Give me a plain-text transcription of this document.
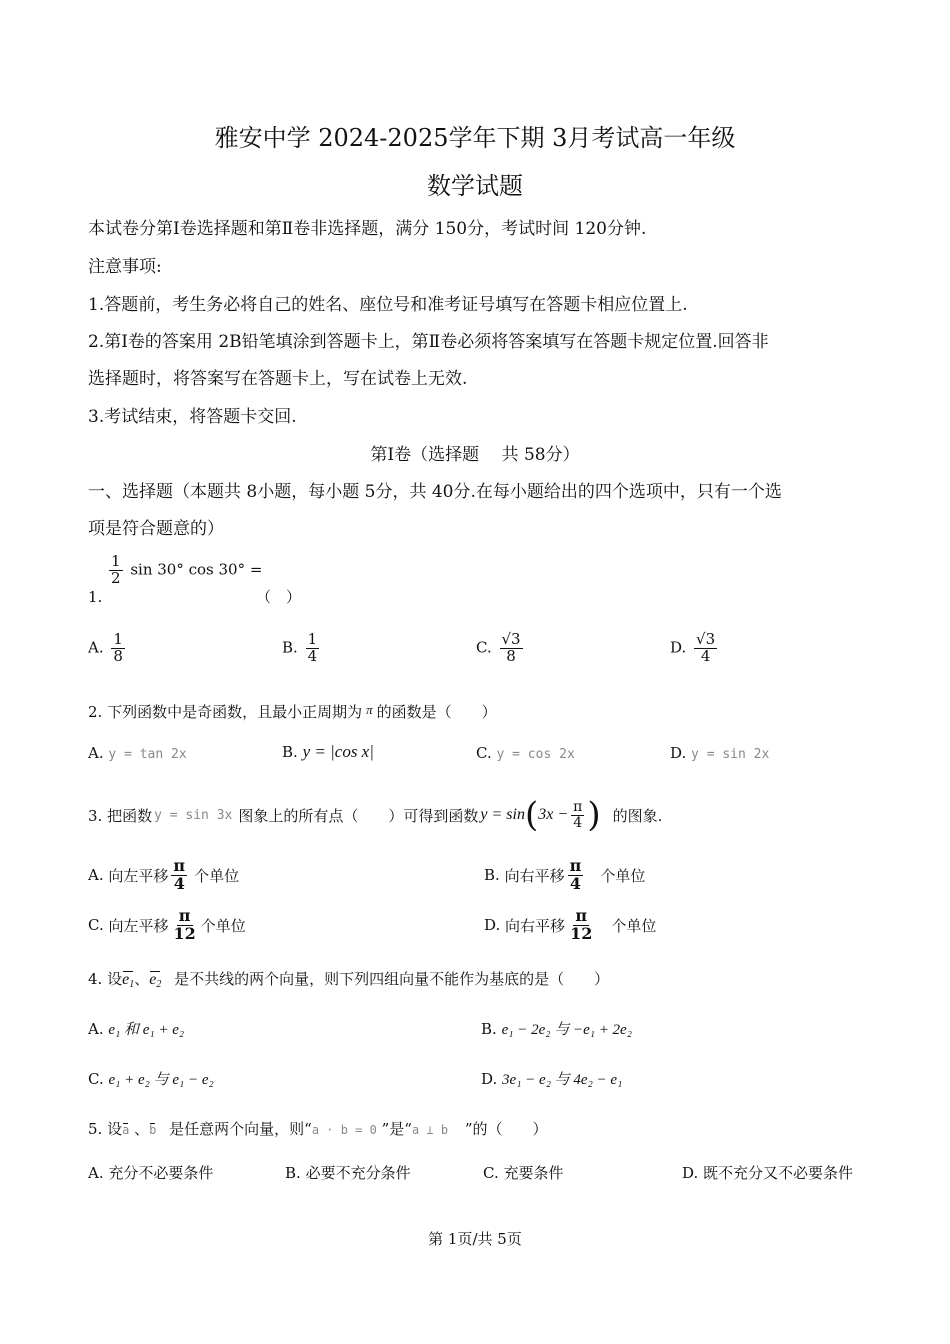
雅安中学 2024-2025学年下期 3月考试高一年级
数学试题
本试卷分第Ⅰ卷选择题和第Ⅱ卷非选择题，满分 150分，考试时间 120分钟.
注意事项:
1.答题前，考生务必将自己的姓名、座位号和准考证号填写在答题卡相应位置上.
2.第Ⅰ卷的答案用 2B铅笔填涂到答题卡上，第Ⅱ卷必须将答案填写在答题卡规定位置.回答非
选择题时，将答案写在答题卡上，写在试卷上无效.
3.考试结束，将答题卡交回.
第Ⅰ卷（选择题　 共 58分）
一、选择题（本题共 8小题，每小题 5分，共 40分.在每小题给出的四个选项中，只有一个选
项是符合题意的）
1.
$\frac{1}{2}$ sin 30° cos 30° =
（　）
A. $\frac{1}{8}$	B. $\frac{1}{4}$	C. $\frac{√3}{8}$	D. $\frac{√3}{4}$
2. 下列函数中是奇函数，且最小正周期为 π 的函数是（　　）
A. y = tan 2x	B. y = |cos x|	C. y = cos 2x	D. y = sin 2x
3. 把函数 y = sin 3x 图象上的所有点（　　）可得到函数 y = sin ( $3x - \frac{\pi}{4}$ ) 的图象.
A.
向左平移 $\frac{\pi}{4}$ 个单位	B.
向右平移 $\frac{\pi}{4}$ 个单位
C.
向左平移 $\frac{\pi}{12}$ 个单位	D.
向右平移 $\frac{\pi}{12}$ 个单位
4. 设$e_1$、$e_2$ 是不共线的两个向量，则下列四组向量不能作为基底的是（　　）
A. e₁ 和 e₁ + e₂	B. e₁ − 2e₂ 与 −e₁ + 2e₂
C. e₁ + e₂ 与 e₁ − e₂	D. 3e₁ − e₂ 与 4e₂ − e₁
5. 设a 、b 是任意两个向量，则“a · b = 0 ”是“a ⊥ b ”的（　　）
A. 充分不必要条件	B. 必要不充分条件	C. 充要条件	D. 既不充分又不必要条件
第 1页/共 5页
